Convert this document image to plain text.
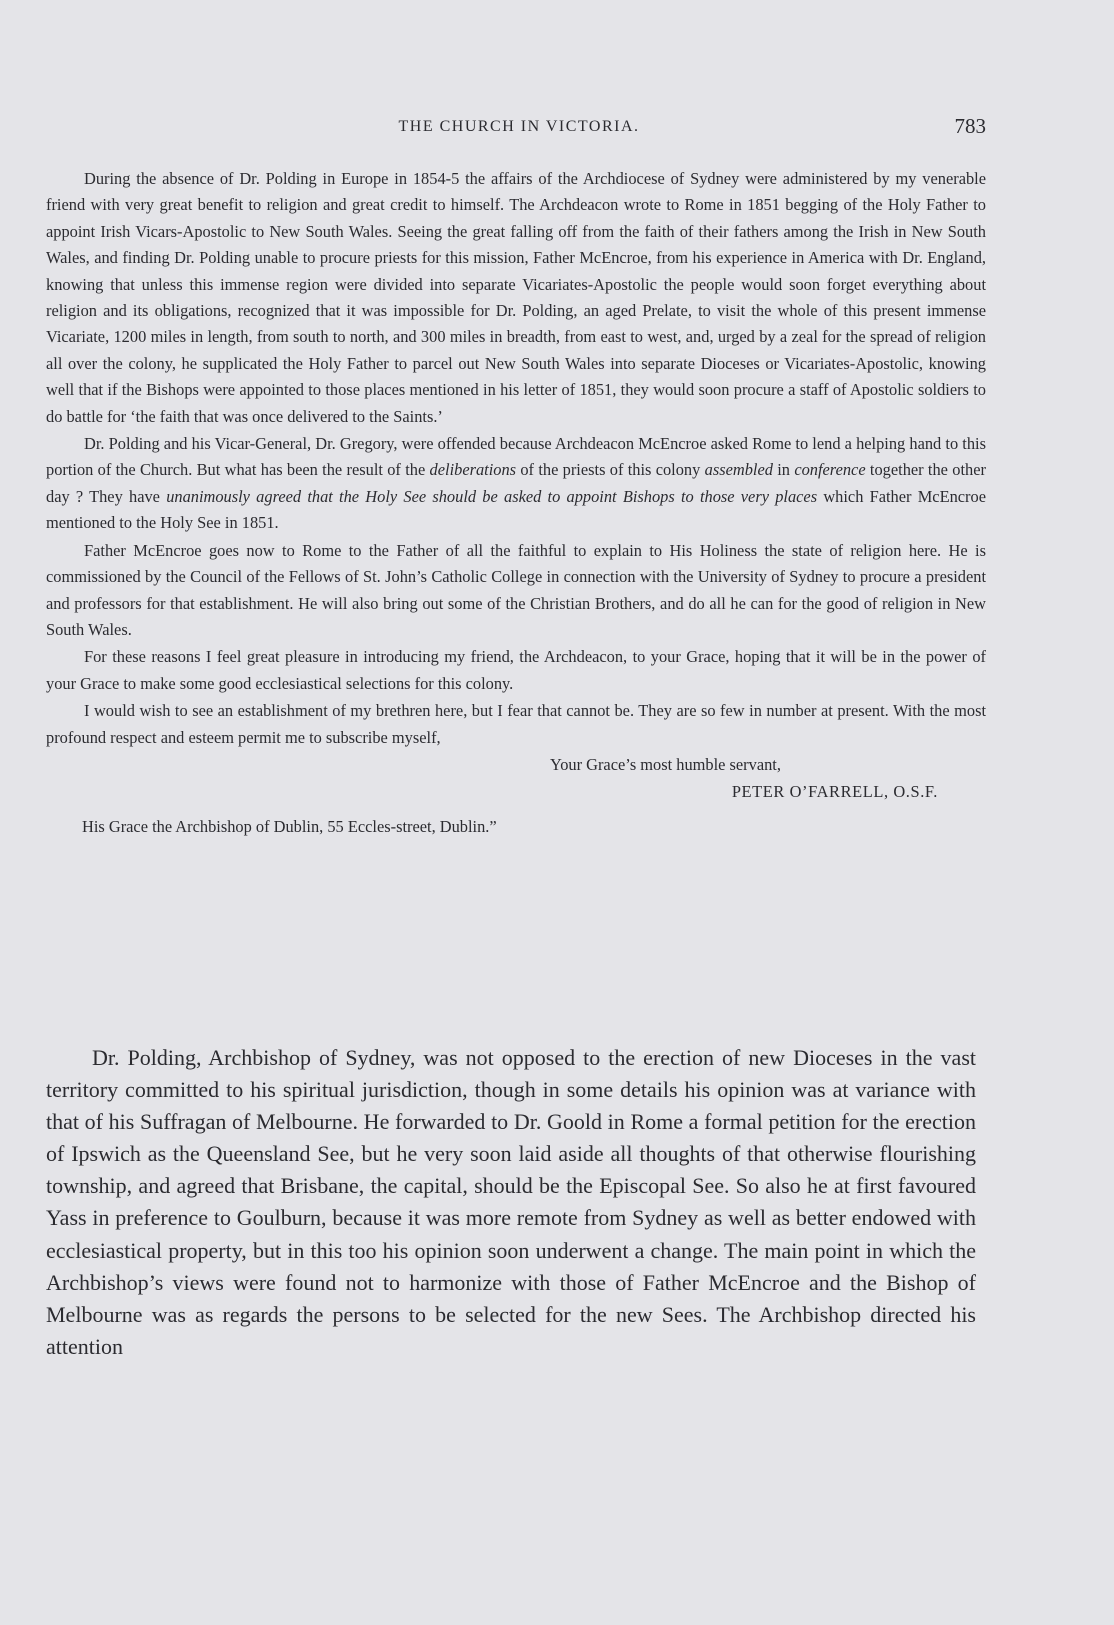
THE CHURCH IN VICTORIA.	783

During the absence of Dr. Polding in Europe in 1854-5 the affairs of the Archdiocese of Sydney were administered by my venerable friend with very great benefit to religion and great credit to himself. The Archdeacon wrote to Rome in 1851 begging of the Holy Father to appoint Irish Vicars-Apostolic to New South Wales. Seeing the great falling off from the faith of their fathers among the Irish in New South Wales, and finding Dr. Polding unable to procure priests for this mission, Father McEncroe, from his experience in America with Dr. England, knowing that unless this immense region were divided into separate Vicariates-Apostolic the people would soon forget everything about religion and its obligations, recognized that it was impossible for Dr. Polding, an aged Prelate, to visit the whole of this present immense Vicariate, 1200 miles in length, from south to north, and 300 miles in breadth, from east to west, and, urged by a zeal for the spread of religion all over the colony, he supplicated the Holy Father to parcel out New South Wales into separate Dioceses or Vicariates-Apostolic, knowing well that if the Bishops were appointed to those places mentioned in his letter of 1851, they would soon procure a staff of Apostolic soldiers to do battle for ‘the faith that was once delivered to the Saints.’

Dr. Polding and his Vicar-General, Dr. Gregory, were offended because Archdeacon McEncroe asked Rome to lend a helping hand to this portion of the Church. But what has been the result of the deliberations of the priests of this colony assembled in conference together the other day ? They have unanimously agreed that the Holy See should be asked to appoint Bishops to those very places which Father McEncroe mentioned to the Holy See in 1851.

Father McEncroe goes now to Rome to the Father of all the faithful to explain to His Holiness the state of religion here. He is commissioned by the Council of the Fellows of St. John’s Catholic College in connection with the University of Sydney to procure a president and professors for that establishment. He will also bring out some of the Christian Brothers, and do all he can for the good of religion in New South Wales.

For these reasons I feel great pleasure in introducing my friend, the Archdeacon, to your Grace, hoping that it will be in the power of your Grace to make some good ecclesiastical selections for this colony.

I would wish to see an establishment of my brethren here, but I fear that cannot be. They are so few in number at present. With the most profound respect and esteem permit me to subscribe myself,

Your Grace’s most humble servant,

PETER O’FARRELL, O.S.F.

His Grace the Archbishop of Dublin, 55 Eccles-street, Dublin.”

Dr. Polding, Archbishop of Sydney, was not opposed to the erection of new Dioceses in the vast territory committed to his spiritual jurisdiction, though in some details his opinion was at variance with that of his Suffragan of Melbourne. He forwarded to Dr. Goold in Rome a formal petition for the erection of Ipswich as the Queensland See, but he very soon laid aside all thoughts of that otherwise flourishing township, and agreed that Brisbane, the capital, should be the Episcopal See. So also he at first favoured Yass in preference to Goulburn, because it was more remote from Sydney as well as better endowed with ecclesiastical property, but in this too his opinion soon underwent a change. The main point in which the Archbishop’s views were found not to harmonize with those of Father McEncroe and the Bishop of Melbourne was as regards the persons to be selected for the new Sees. The Archbishop directed his attention
